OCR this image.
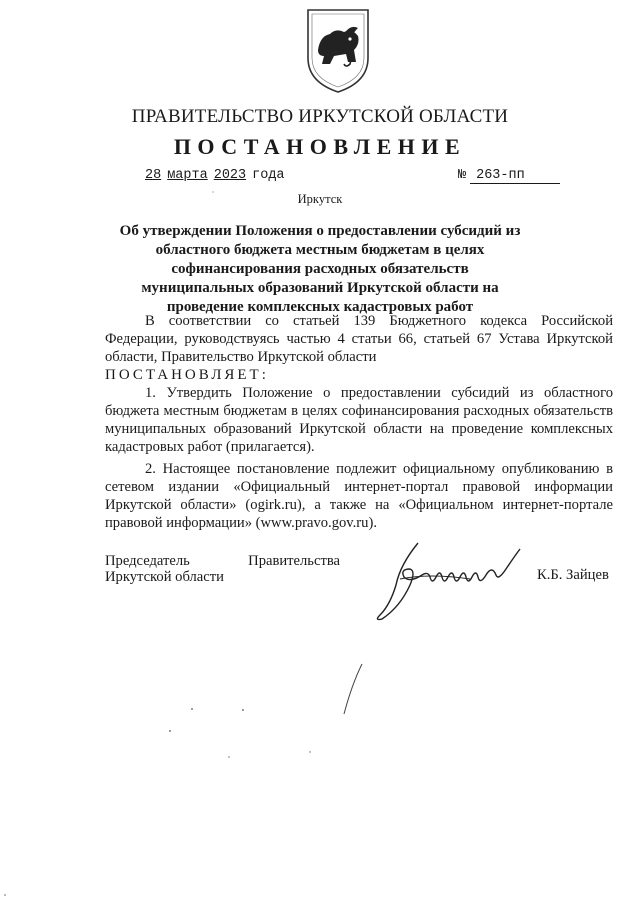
ПРАВИТЕЛЬСТВО ИРКУТСКОЙ ОБЛАСТИ
ПОСТАНОВЛЕНИЕ
28 марта 2023 года	№ 263-пп
Иркутск
Об утверждении Положения о предоставлении субсидий из областного бюджета местным бюджетам в целях софинансирования расходных обязательств муниципальных образований Иркутской области на проведение комплексных кадастровых работ

В соответствии со статьей 139 Бюджетного кодекса Российской Федерации, руководствуясь частью 4 статьи 66, статьей 67 Устава Иркутской области, Правительство Иркутской области

ПОСТАНОВЛЯЕТ:

1. Утвердить Положение о предоставлении субсидий из областного бюджета местным бюджетам в целях софинансирования расходных обязательств муниципальных образований Иркутской области на проведение комплексных кадастровых работ (прилагается).

2. Настоящее постановление подлежит официальному опубликованию в сетевом издании «Официальный интернет-портал правовой информации Иркутской области» (ogirk.ru), а также на «Официальном интернет-портале правовой информации» (www.pravo.gov.ru).

Председатель	Правительства
Иркутской области	К.Б. Зайцев
